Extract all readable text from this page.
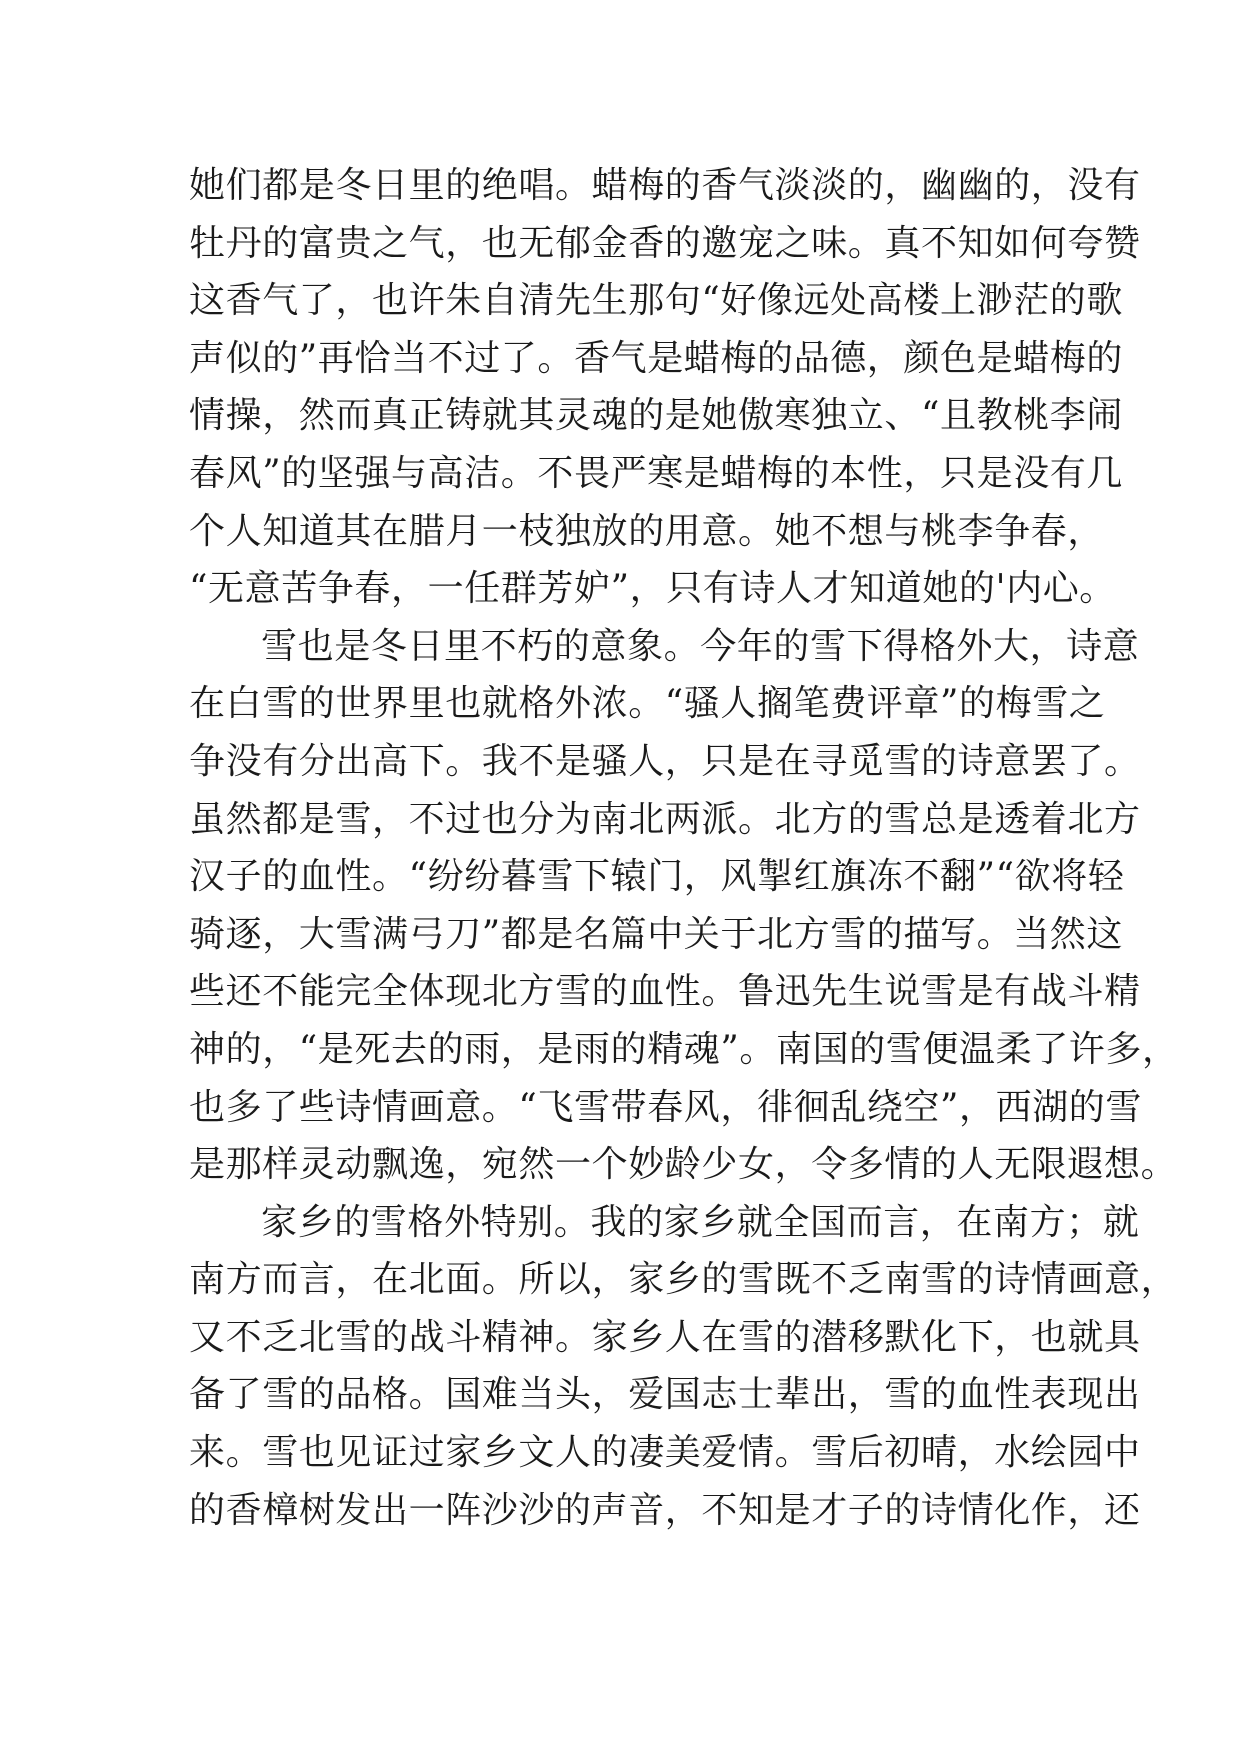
她们都是冬日里的绝唱。蜡梅的香气淡淡的，幽幽的，没有
牡丹的富贵之气，也无郁金香的邀宠之味。真不知如何夸赞
这香气了，也许朱自清先生那句“好像远处高楼上渺茫的歌
声似的”再恰当不过了。香气是蜡梅的品德，颜色是蜡梅的
情操，然而真正铸就其灵魂的是她傲寒独立、“且教桃李闹
春风”的坚强与高洁。不畏严寒是蜡梅的本性，只是没有几
个人知道其在腊月一枝独放的用意。她不想与桃李争春，
“无意苦争春，一任群芳妒”，只有诗人才知道她的'内心。
雪也是冬日里不朽的意象。今年的雪下得格外大，诗意
在白雪的世界里也就格外浓。“骚人搁笔费评章”的梅雪之
争没有分出高下。我不是骚人，只是在寻觅雪的诗意罢了。
虽然都是雪，不过也分为南北两派。北方的雪总是透着北方
汉子的血性。“纷纷暮雪下辕门，风掣红旗冻不翻”“欲将轻
骑逐，大雪满弓刀”都是名篇中关于北方雪的描写。当然这
些还不能完全体现北方雪的血性。鲁迅先生说雪是有战斗精
神的，“是死去的雨，是雨的精魂”。南国的雪便温柔了许多，
也多了些诗情画意。“飞雪带春风，徘徊乱绕空”，西湖的雪
是那样灵动飘逸，宛然一个妙龄少女，令多情的人无限遐想。
家乡的雪格外特别。我的家乡就全国而言，在南方；就
南方而言，在北面。所以，家乡的雪既不乏南雪的诗情画意，
又不乏北雪的战斗精神。家乡人在雪的潜移默化下，也就具
备了雪的品格。国难当头，爱国志士辈出，雪的血性表现出
来。雪也见证过家乡文人的凄美爱情。雪后初晴，水绘园中
的香樟树发出一阵沙沙的声音，不知是才子的诗情化作，还
